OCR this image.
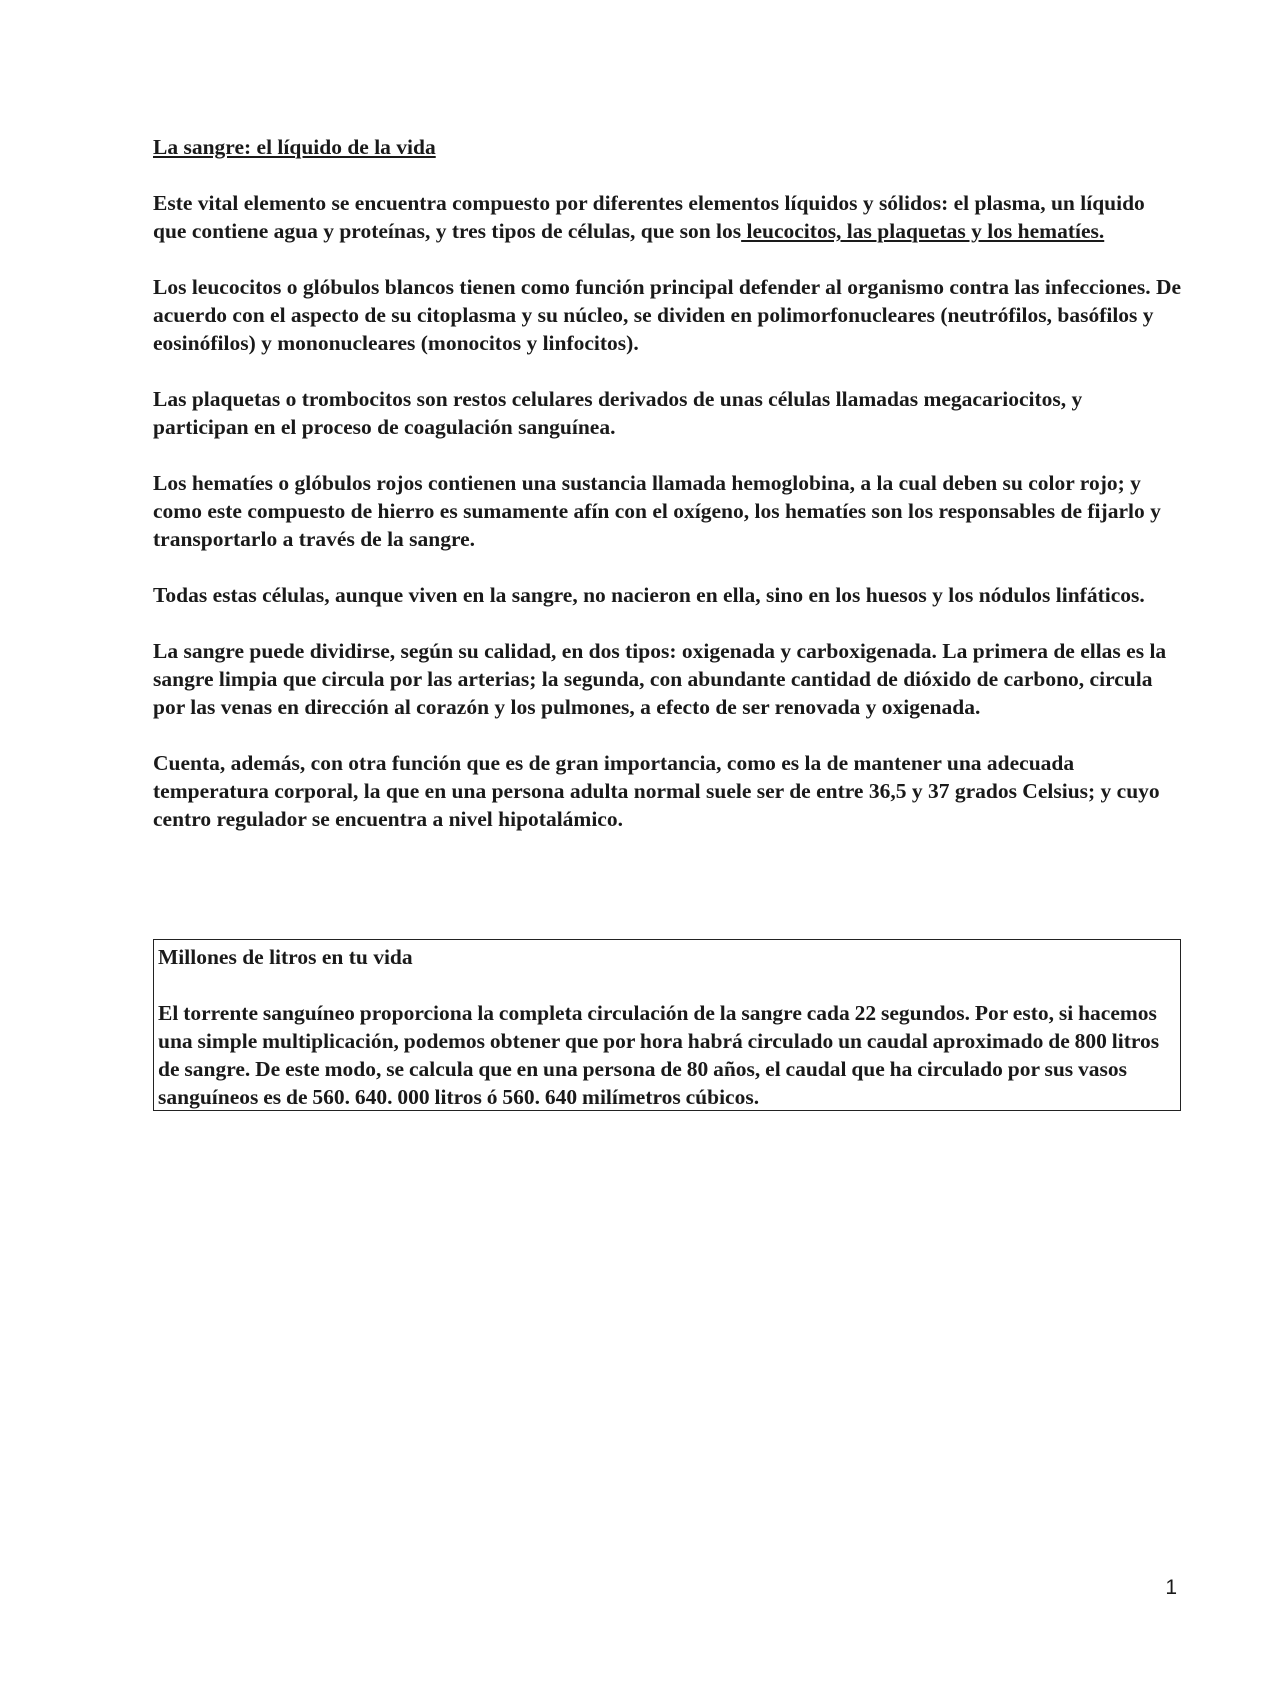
La sangre: el líquido de la vida

Este vital elemento se encuentra compuesto por diferentes elementos líquidos y sólidos: el plasma, un líquido que contiene agua y proteínas, y tres tipos de células, que son los leucocitos, las plaquetas y los hematíes.

Los leucocitos o glóbulos blancos tienen como función principal defender al organismo contra las infecciones. De acuerdo con el aspecto de su citoplasma y su núcleo, se dividen en polimorfonucleares (neutrófilos, basófilos y eosinófilos) y mononucleares (monocitos y linfocitos).

Las plaquetas o trombocitos son restos celulares derivados de unas células llamadas megacariocitos, y participan en el proceso de coagulación sanguínea.

Los hematíes o glóbulos rojos contienen una sustancia llamada hemoglobina, a la cual deben su color rojo; y como este compuesto de hierro es sumamente afín con el oxígeno, los hematíes son los responsables de fijarlo y transportarlo a través de la sangre.

Todas estas células, aunque viven en la sangre, no nacieron en ella, sino en los huesos y los nódulos linfáticos.

La sangre puede dividirse, según su calidad, en dos tipos: oxigenada y carboxigenada. La primera de ellas es la sangre limpia que circula por las arterias; la segunda, con abundante cantidad de dióxido de carbono, circula por las venas en dirección al corazón y los pulmones, a efecto de ser renovada y oxigenada.

Cuenta, además, con otra función que es de gran importancia, como es la de mantener una adecuada temperatura corporal, la que en una persona adulta normal suele ser de entre 36,5 y 37 grados Celsius; y cuyo centro regulador se encuentra a nivel hipotalámico.

Millones de litros en tu vida

El torrente sanguíneo proporciona la completa circulación de la sangre cada 22 segundos. Por esto, si hacemos una simple multiplicación, podemos obtener que por hora habrá circulado un caudal aproximado de 800 litros de sangre. De este modo, se calcula que en una persona de 80 años, el caudal que ha circulado por sus vasos sanguíneos es de 560. 640. 000 litros ó 560. 640 milímetros cúbicos.

1
